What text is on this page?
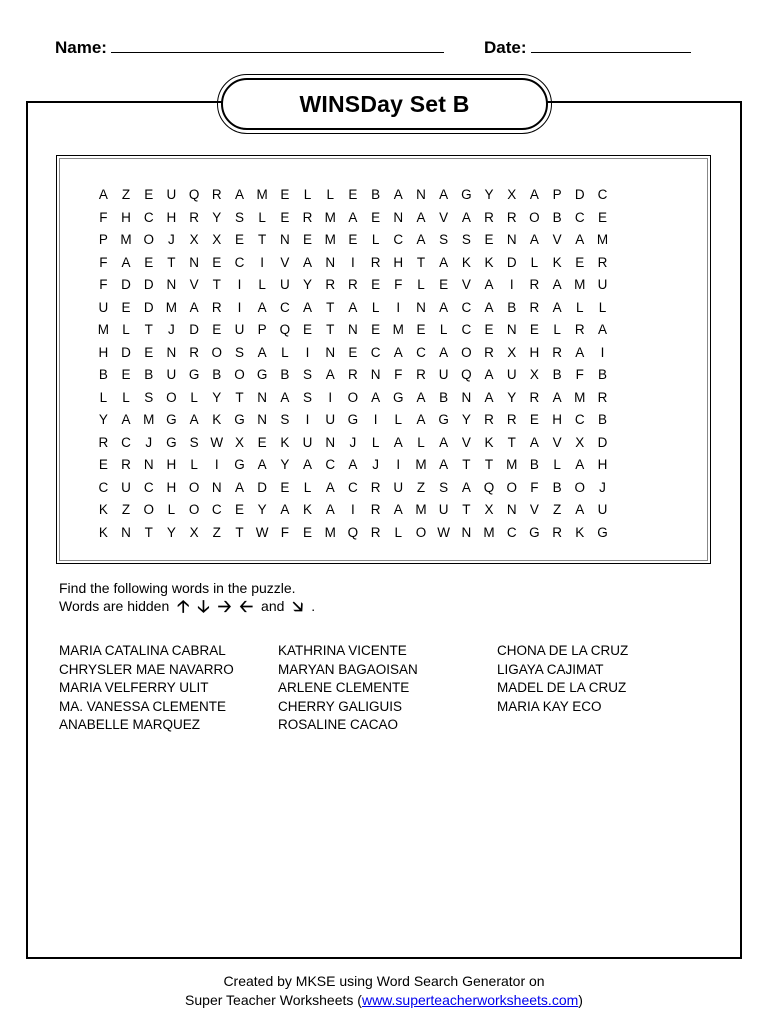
Name:	Date:
WINSDay Set B
A Z E U Q R A M E L L E B A N A G Y X A P D C
F H C H R Y S L E R M A E N A V A R R O B C E
P M O J X X E T N E M E L C A S S E N A V A M
F A E T N E C I V A N I R H T A K K D L K E R
F D D N V T I L U Y R R E F L E V A I R A M U
U E D M A R I A C A T A L I N A C A B R A L L
M L T J D E U P Q E T N E M E L C E N E L R A
H D E N R O S A L I N E C A C A O R X H R A I
B E B U G B O G B S A R N F R U Q A U X B F B
L L S O L Y T N A S I O A G A B N A Y R A M R
Y A M G A K G N S I U G I L A G Y R R E H C B
R C J G S W X E K U N J L A L A V K T A V X D
E R N H L I G A Y A C A J I M A T T M B L A H
C U C H O N A D E L A C R U Z S A Q O F B O J
K Z O L O C E Y A K A I R A M U T X N V Z A U
K N T Y X Z T W F E M Q R L O W N M C G R K G
Find the following words in the puzzle.
Words are hidden 🡡 🡣 🡢 🡠 and 🡦 .
MARIA CATALINA CABRAL
CHRYSLER MAE NAVARRO
MARIA VELFERRY ULIT
MA. VANESSA CLEMENTE
ANABELLE MARQUEZ
KATHRINA VICENTE
MARYAN BAGAOISAN
ARLENE CLEMENTE
CHERRY GALIGUIS
ROSALINE CACAO
CHONA DE LA CRUZ
LIGAYA CAJIMAT
MADEL DE LA CRUZ
MARIA KAY ECO
Created by MKSE using Word Search Generator on
Super Teacher Worksheets (www.superteacherworksheets.com)
